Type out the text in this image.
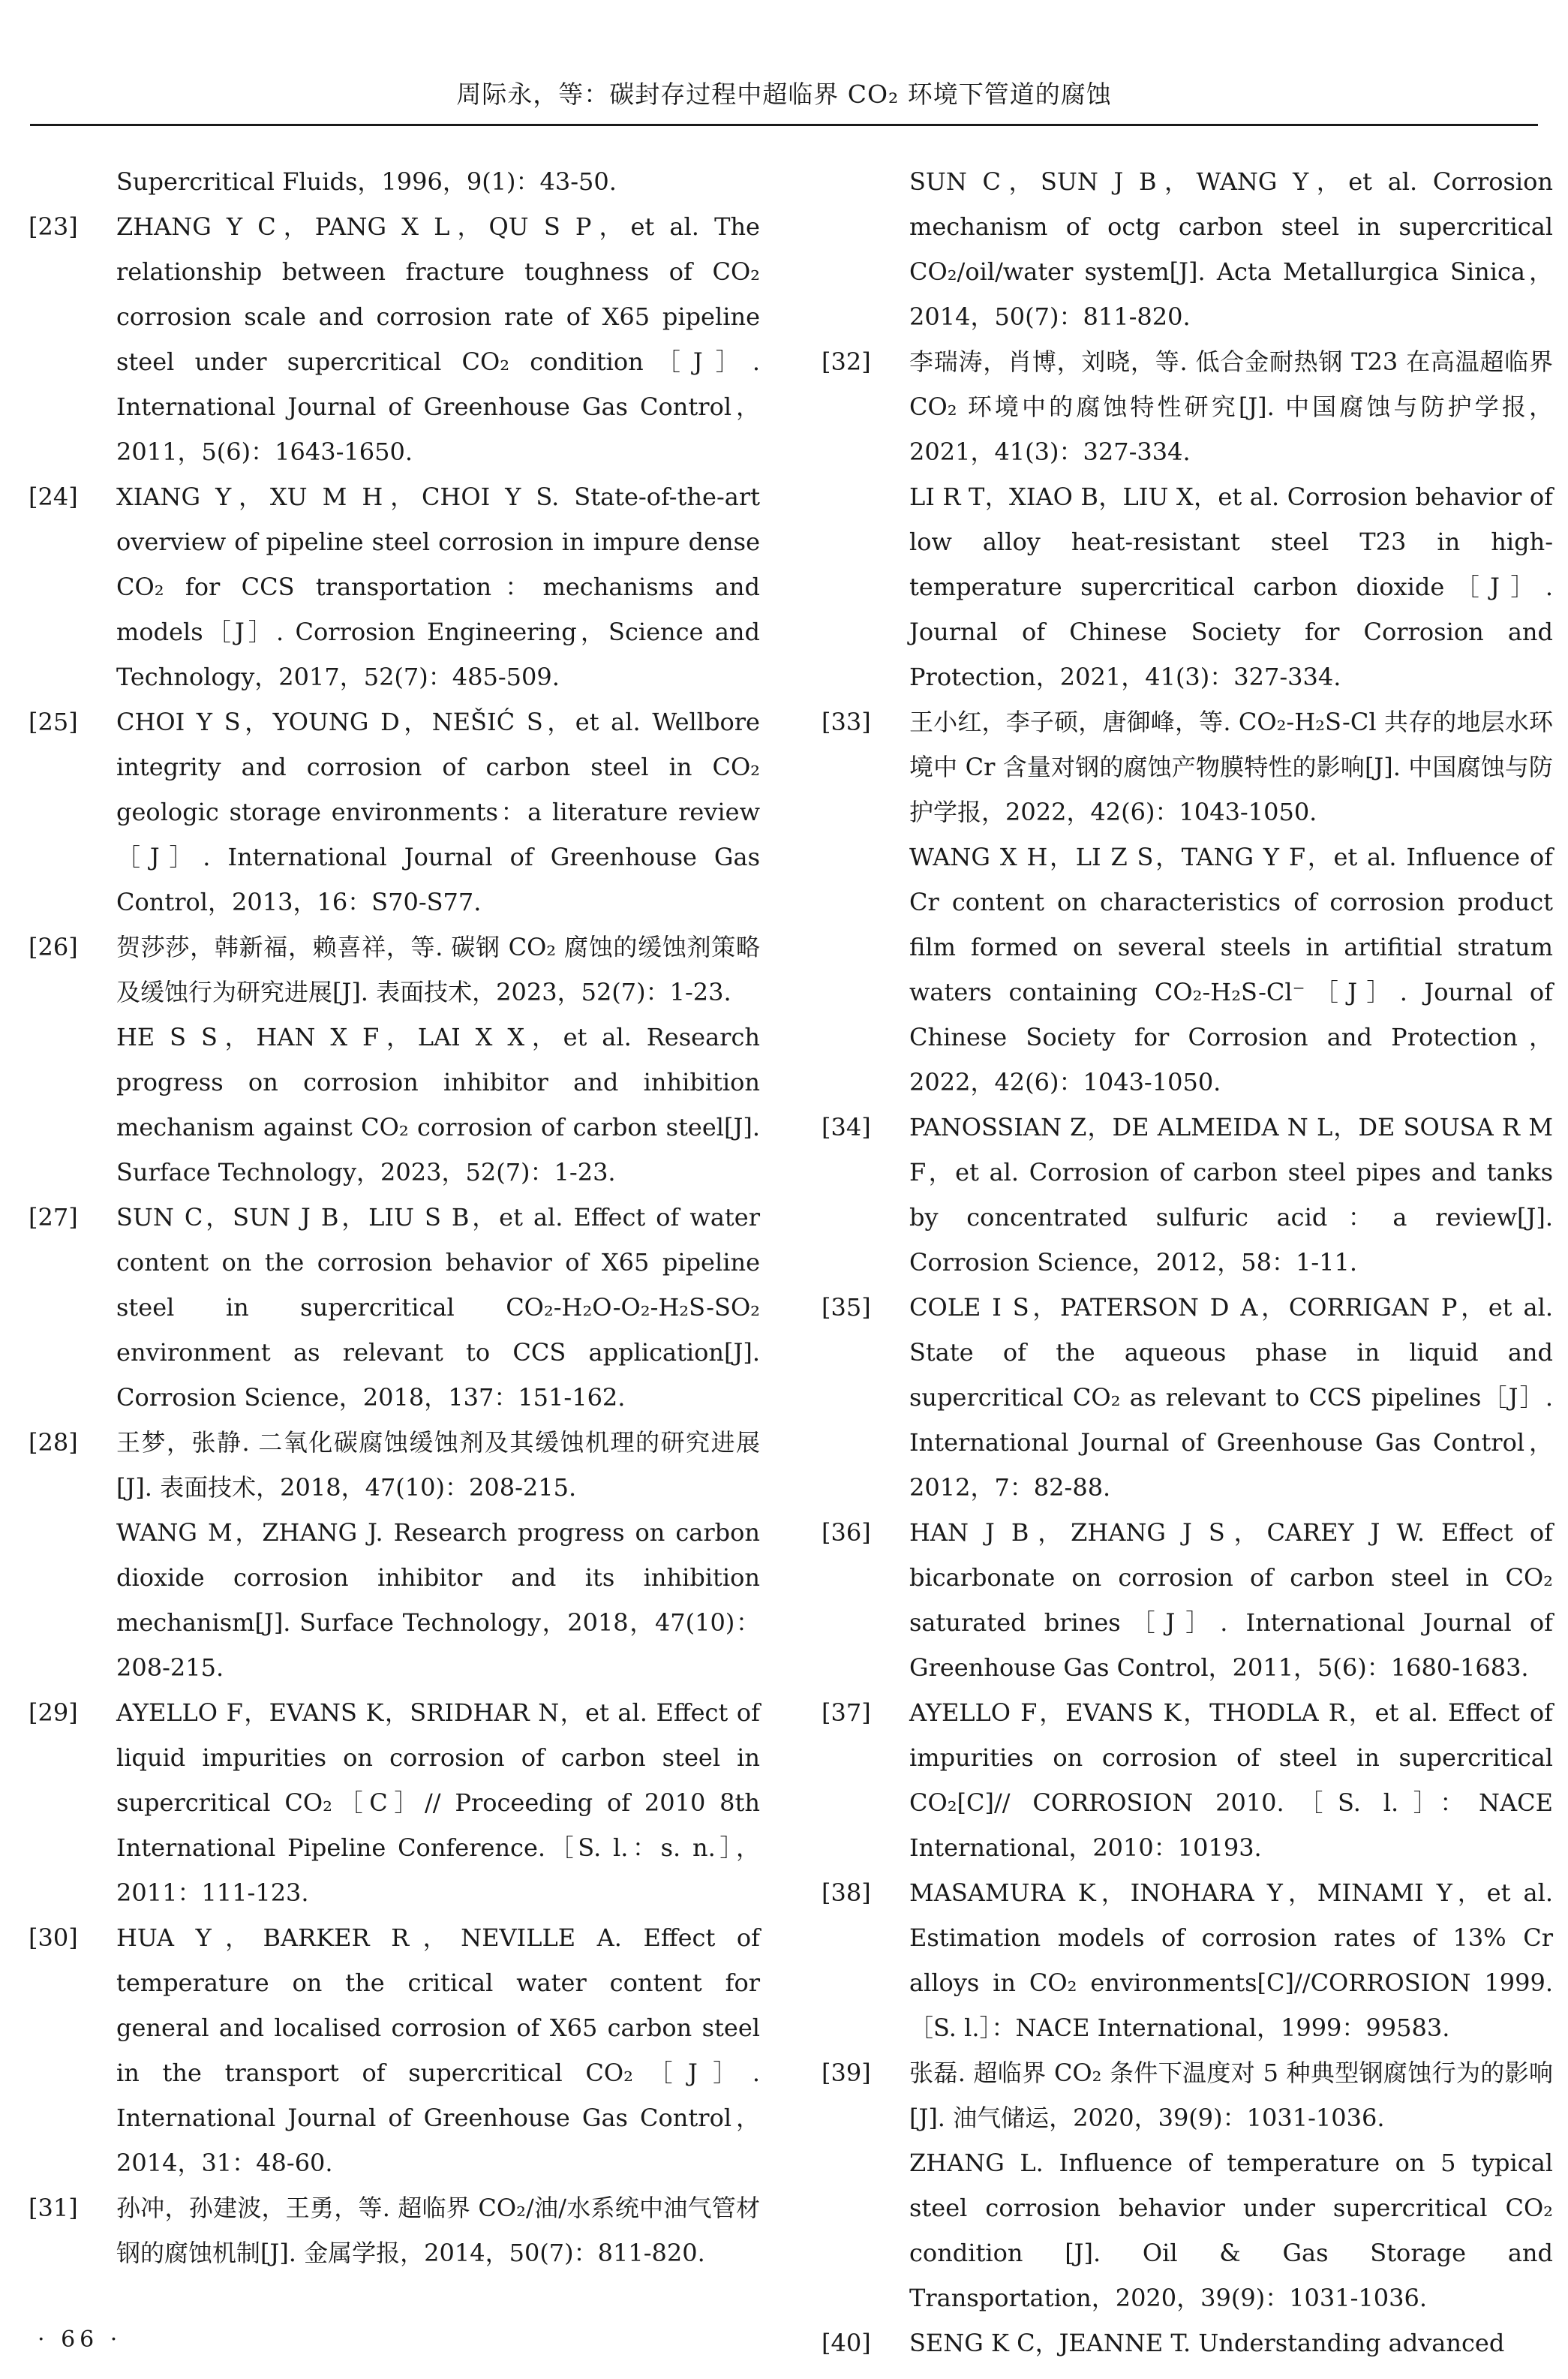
周际永，等：碳封存过程中超临界 CO₂ 环境下管道的腐蚀
Supercritical Fluids，1996，9(1)：43-50.
[23] ZHANG Y C，PANG X L，QU S P，et al. The relationship between fracture toughness of CO₂ corrosion scale and corrosion rate of X65 pipeline steel under supercritical CO₂ condition［J］. International Journal of Greenhouse Gas Control，2011，5(6)：1643-1650.
[24] XIANG Y，XU M H，CHOI Y S. State-of-the-art overview of pipeline steel corrosion in impure dense CO₂ for CCS transportation：mechanisms and models［J］. Corrosion Engineering，Science and Technology，2017，52(7)：485-509.
[25] CHOI Y S，YOUNG D，NEŠIĆ S，et al. Wellbore integrity and corrosion of carbon steel in CO₂ geologic storage environments：a literature review［J］. International Journal of Greenhouse Gas Control，2013，16：S70-S77.
[26] 贺莎莎，韩新福，赖喜祥，等. 碳钢 CO₂ 腐蚀的缓蚀剂策略及缓蚀行为研究进展[J]. 表面技术，2023，52(7)：1-23.
HE S S，HAN X F，LAI X X，et al. Research progress on corrosion inhibitor and inhibition mechanism against CO₂ corrosion of carbon steel[J]. Surface Technology，2023，52(7)：1-23.
[27] SUN C，SUN J B，LIU S B，et al. Effect of water content on the corrosion behavior of X65 pipeline steel in supercritical CO₂-H₂O-O₂-H₂S-SO₂ environment as relevant to CCS application[J]. Corrosion Science，2018，137：151-162.
[28] 王梦，张静. 二氧化碳腐蚀缓蚀剂及其缓蚀机理的研究进展[J]. 表面技术，2018，47(10)：208-215.
WANG M，ZHANG J. Research progress on carbon dioxide corrosion inhibitor and its inhibition mechanism[J]. Surface Technology，2018，47(10)：208-215.
[29] AYELLO F，EVANS K，SRIDHAR N，et al. Effect of liquid impurities on corrosion of carbon steel in supercritical CO₂［C］// Proceeding of 2010 8th International Pipeline Conference.［S. l.：s. n.］，2011：111-123.
[30] HUA Y，BARKER R，NEVILLE A. Effect of temperature on the critical water content for general and localised corrosion of X65 carbon steel in the transport of supercritical CO₂［J］. International Journal of Greenhouse Gas Control，2014，31：48-60.
[31] 孙冲，孙建波，王勇，等. 超临界 CO₂/油/水系统中油气管材钢的腐蚀机制[J]. 金属学报，2014，50(7)：811-820.
SUN C，SUN J B，WANG Y，et al. Corrosion mechanism of octg carbon steel in supercritical CO₂/oil/water system[J]. Acta Metallurgica Sinica，2014，50(7)：811-820.
[32] 李瑞涛，肖博，刘晓，等. 低合金耐热钢 T23 在高温超临界 CO₂ 环境中的腐蚀特性研究[J]. 中国腐蚀与防护学报，2021，41(3)：327-334.
LI R T，XIAO B，LIU X，et al. Corrosion behavior of low alloy heat-resistant steel T23 in high-temperature supercritical carbon dioxide［J］. Journal of Chinese Society for Corrosion and Protection，2021，41(3)：327-334.
[33] 王小红，李子硕，唐御峰，等. CO₂-H₂S-Cl 共存的地层水环境中 Cr 含量对钢的腐蚀产物膜特性的影响[J]. 中国腐蚀与防护学报，2022，42(6)：1043-1050.
WANG X H，LI Z S，TANG Y F，et al. Influence of Cr content on characteristics of corrosion product film formed on several steels in artifitial stratum waters containing CO₂-H₂S-Cl⁻［J］. Journal of Chinese Society for Corrosion and Protection，2022，42(6)：1043-1050.
[34] PANOSSIAN Z，DE ALMEIDA N L，DE SOUSA R M F，et al. Corrosion of carbon steel pipes and tanks by concentrated sulfuric acid：a review[J]. Corrosion Science，2012，58：1-11.
[35] COLE I S，PATERSON D A，CORRIGAN P，et al. State of the aqueous phase in liquid and supercritical CO₂ as relevant to CCS pipelines［J］. International Journal of Greenhouse Gas Control，2012，7：82-88.
[36] HAN J B，ZHANG J S，CAREY J W. Effect of bicarbonate on corrosion of carbon steel in CO₂ saturated brines［J］. International Journal of Greenhouse Gas Control，2011，5(6)：1680-1683.
[37] AYELLO F，EVANS K，THODLA R，et al. Effect of impurities on corrosion of steel in supercritical CO₂[C]// CORROSION 2010.［S. l.］：NACE International，2010：10193.
[38] MASAMURA K，INOHARA Y，MINAMI Y，et al. Estimation models of corrosion rates of 13% Cr alloys in CO₂ environments[C]//CORROSION 1999.［S. l.］：NACE International，1999：99583.
[39] 张磊. 超临界 CO₂ 条件下温度对 5 种典型钢腐蚀行为的影响[J]. 油气储运，2020，39(9)：1031-1036.
ZHANG L. Influence of temperature on 5 typical steel corrosion behavior under supercritical CO₂ condition [J]. Oil & Gas Storage and Transportation，2020，39(9)：1031-1036.
[40] SENG K C，JEANNE T. Understanding advanced
· 66 ·
